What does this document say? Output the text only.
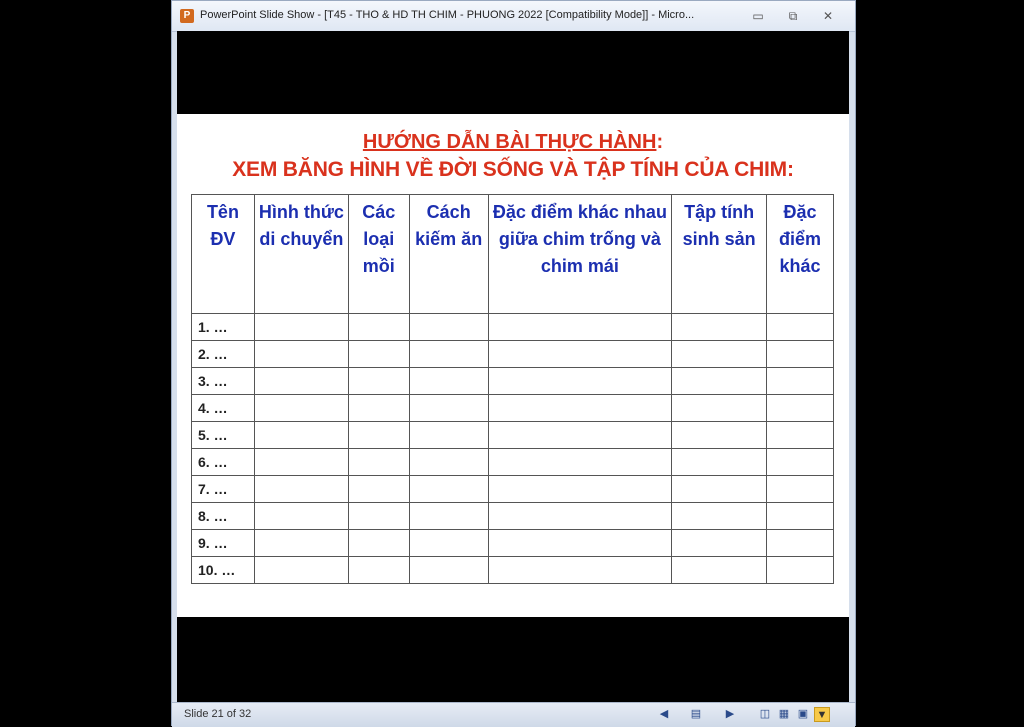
P PowerPoint Slide Show - [T45 - THO & HD TH CHIM - PHUONG 2022 [Compatibility Mode]] - Micro...	▭	⧉	✕
HƯỚNG DẪN BÀI THỰC HÀNH:
XEM BĂNG HÌNH VỀ ĐỜI SỐNG VÀ TẬP TÍNH CỦA CHIM:
Tên ĐV	Hình thức di chuyển	Các loại mồi	Cách kiếm ăn	Đặc điểm khác nhau giữa chim trống và chim mái	Tập tính sinh sản	Đặc điểm khác
1. …						
2. …						
3. …						
4. …						
5. …						
6. …						
7. …						
8. …						
9. …						
10. …						
Slide 21 of 32	◀	▤	▶	◫ ▦ ▣ ▼
